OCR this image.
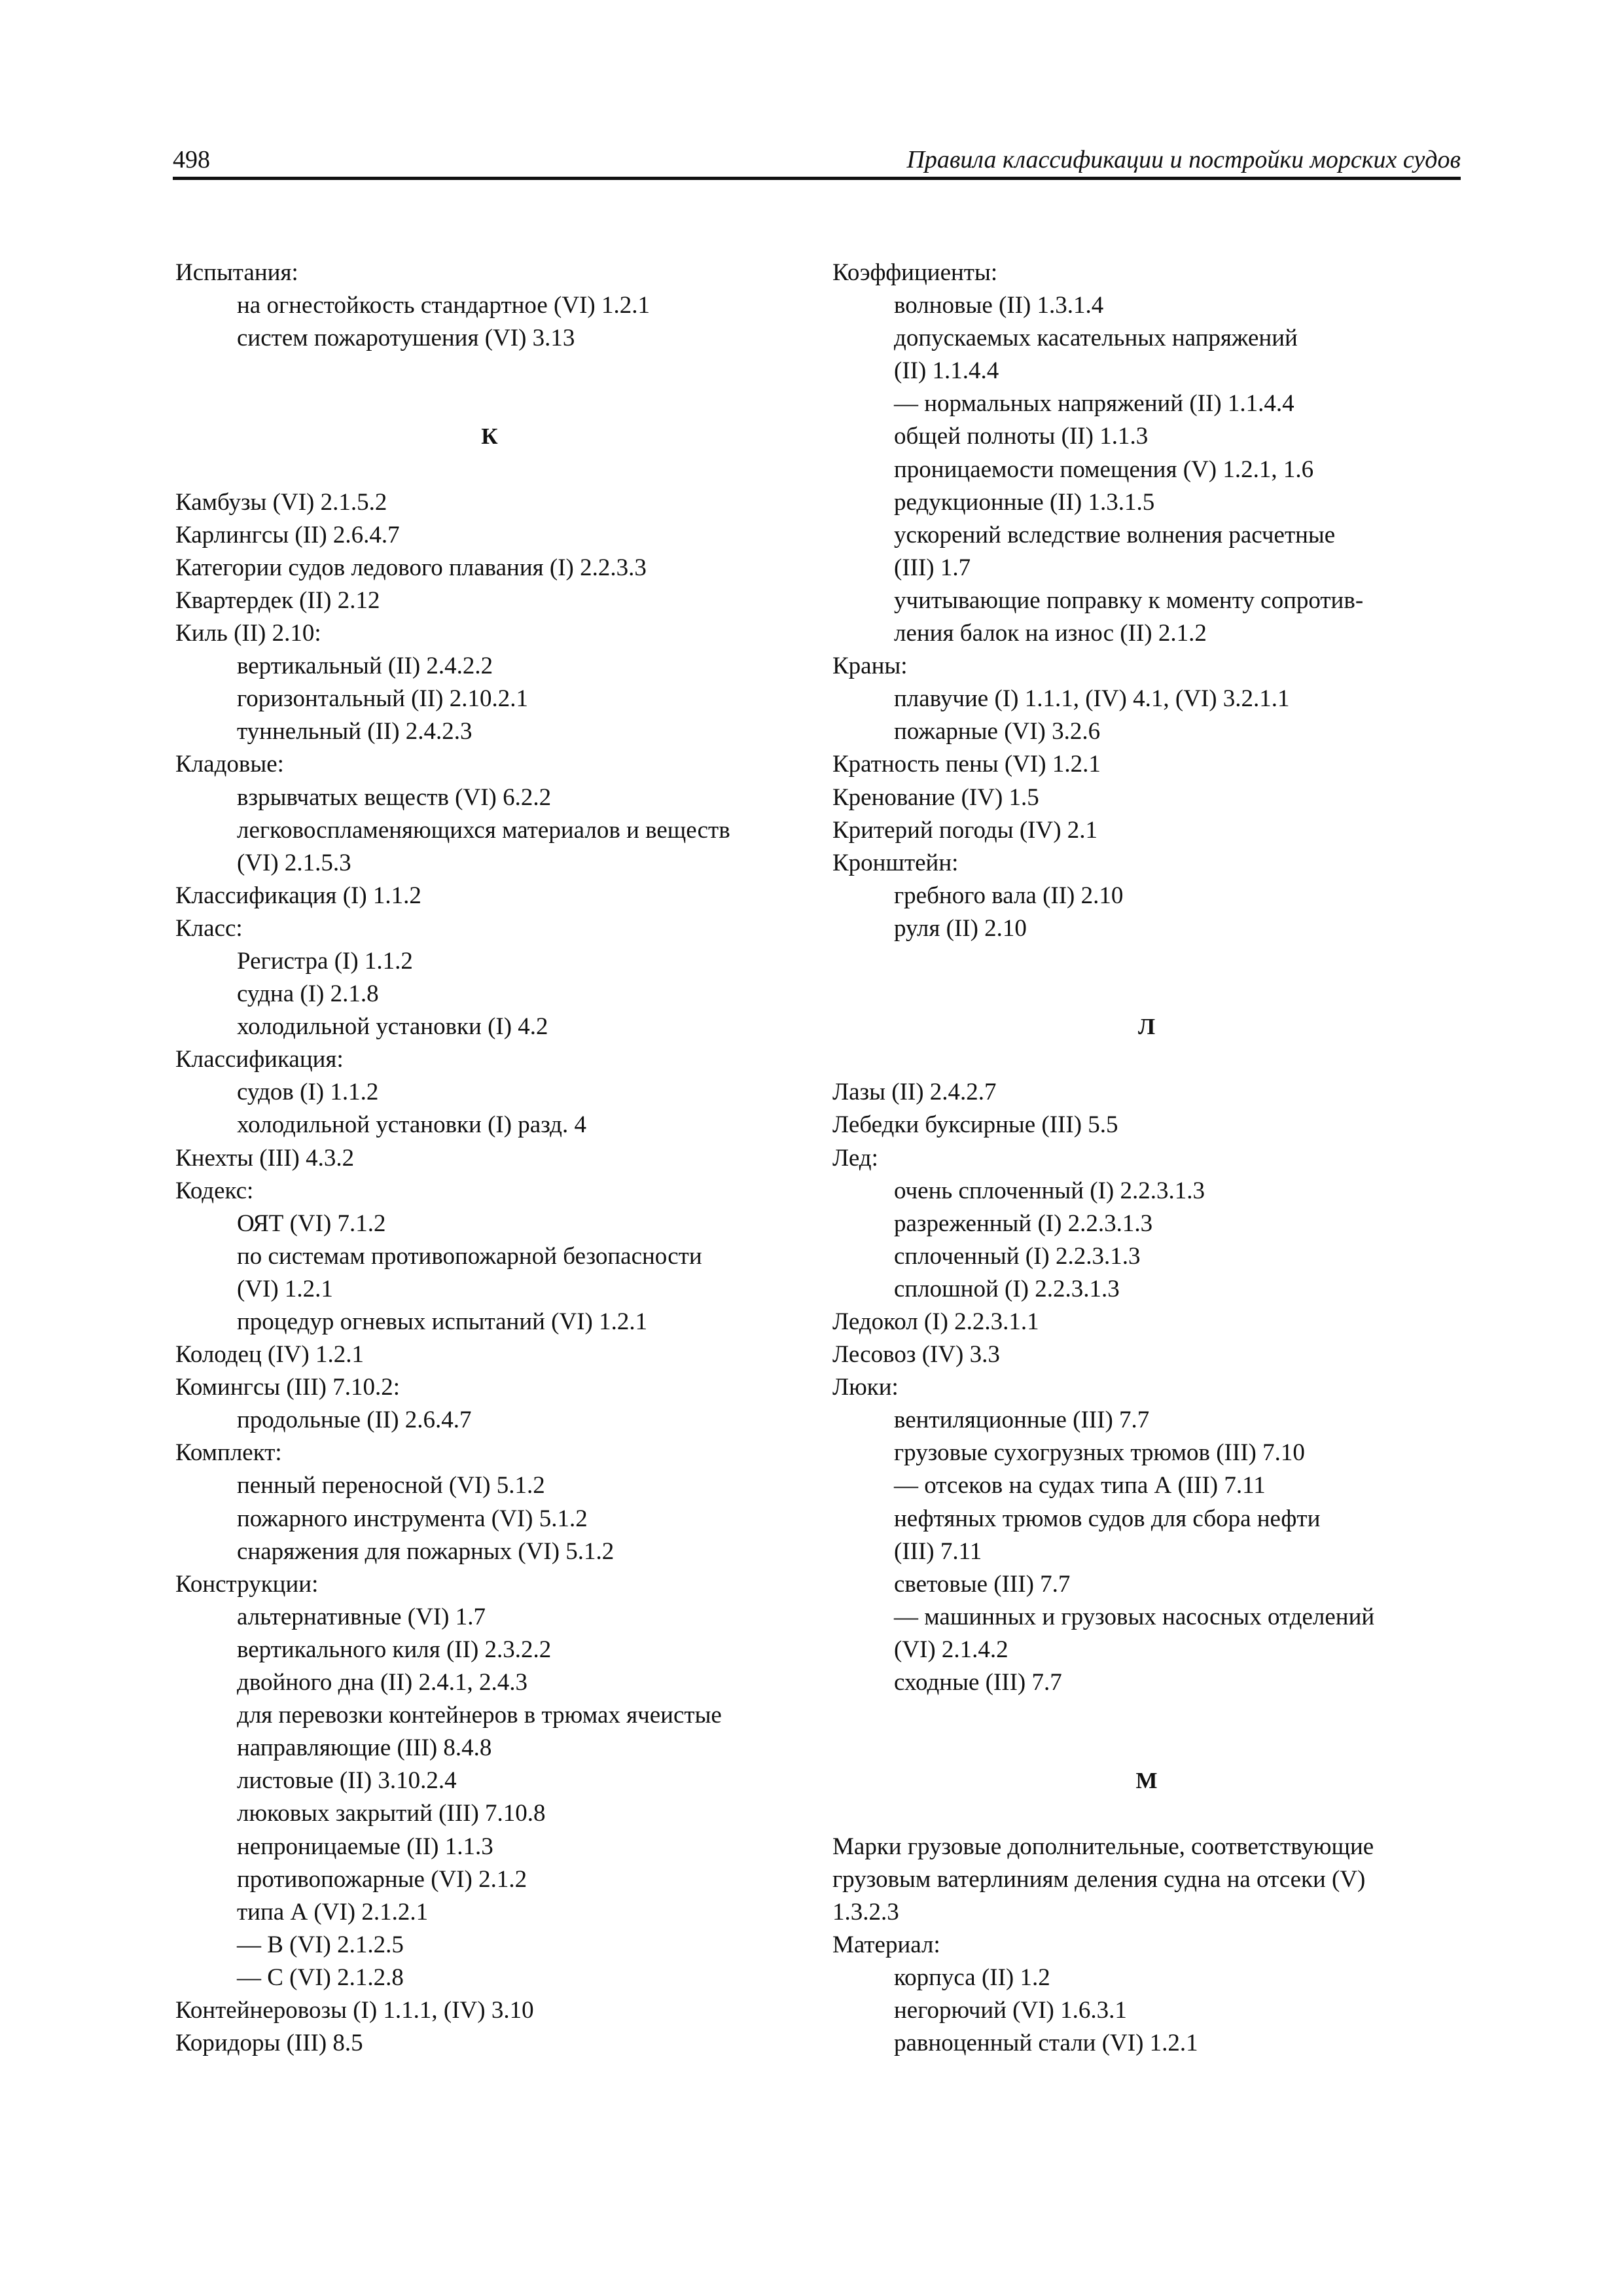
498	Правила классификации и постройки морских судов
Испытания:
на огнестойкость стандартное (VI) 1.2.1
систем пожаротушения (VI) 3.13
К
Камбузы (VI) 2.1.5.2
Карлингсы (II) 2.6.4.7
Категории судов ледового плавания (I) 2.2.3.3
Квартердек (II) 2.12
Киль (II) 2.10:
вертикальный (II) 2.4.2.2
горизонтальный (II) 2.10.2.1
туннельный (II) 2.4.2.3
Кладовые:
взрывчатых веществ (VI) 6.2.2
легковоспламеняющихся материалов и веществ
(VI) 2.1.5.3
Классификация (I) 1.1.2
Класс:
Регистра (I) 1.1.2
судна (I) 2.1.8
холодильной установки (I) 4.2
Классификация:
судов (I) 1.1.2
холодильной установки (I) разд. 4
Кнехты (III) 4.3.2
Кодекс:
ОЯТ (VI) 7.1.2
по системам противопожарной безопасности
(VI) 1.2.1
процедур огневых испытаний (VI) 1.2.1
Колодец (IV) 1.2.1
Комингсы (III) 7.10.2:
продольные (II) 2.6.4.7
Комплект:
пенный переносной (VI) 5.1.2
пожарного инструмента (VI) 5.1.2
снаряжения для пожарных (VI) 5.1.2
Конструкции:
альтернативные (VI) 1.7
вертикального киля (II) 2.3.2.2
двойного дна (II) 2.4.1, 2.4.3
для перевозки контейнеров в трюмах ячеистые
направляющие (III) 8.4.8
листовые (II) 3.10.2.4
люковых закрытий (III) 7.10.8
непроницаемые (II) 1.1.3
противопожарные (VI) 2.1.2
типа А (VI) 2.1.2.1
— В (VI) 2.1.2.5
— С (VI) 2.1.2.8
Контейнеровозы (I) 1.1.1, (IV) 3.10
Коридоры (III) 8.5
Коэффициенты:
волновые (II) 1.3.1.4
допускаемых касательных напряжений
(II) 1.1.4.4
— нормальных напряжений (II) 1.1.4.4
общей полноты (II) 1.1.3
проницаемости помещения (V) 1.2.1, 1.6
редукционные (II) 1.3.1.5
ускорений вследствие волнения расчетные
(III) 1.7
учитывающие поправку к моменту сопротив-
ления балок на износ (II) 2.1.2
Краны:
плавучие (I) 1.1.1, (IV) 4.1, (VI) 3.2.1.1
пожарные (VI) 3.2.6
Кратность пены (VI) 1.2.1
Кренование (IV) 1.5
Критерий погоды (IV) 2.1
Кронштейн:
гребного вала (II) 2.10
руля (II) 2.10
Л
Лазы (II) 2.4.2.7
Лебедки буксирные (III) 5.5
Лед:
очень сплоченный (I) 2.2.3.1.3
разреженный (I) 2.2.3.1.3
сплоченный (I) 2.2.3.1.3
сплошной (I) 2.2.3.1.3
Ледокол (I) 2.2.3.1.1
Лесовоз (IV) 3.3
Люки:
вентиляционные (III) 7.7
грузовые сухогрузных трюмов (III) 7.10
— отсеков на судах типа А (III) 7.11
нефтяных трюмов судов для сбора нефти
(III) 7.11
световые (III) 7.7
— машинных и грузовых насосных отделений
(VI) 2.1.4.2
сходные (III) 7.7
М
Марки грузовые дополнительные, соответствующие
грузовым ватерлиниям деления судна на отсеки (V)
1.3.2.3
Материал:
корпуса (II) 1.2
негорючий (VI) 1.6.3.1
равноценный стали (VI) 1.2.1
